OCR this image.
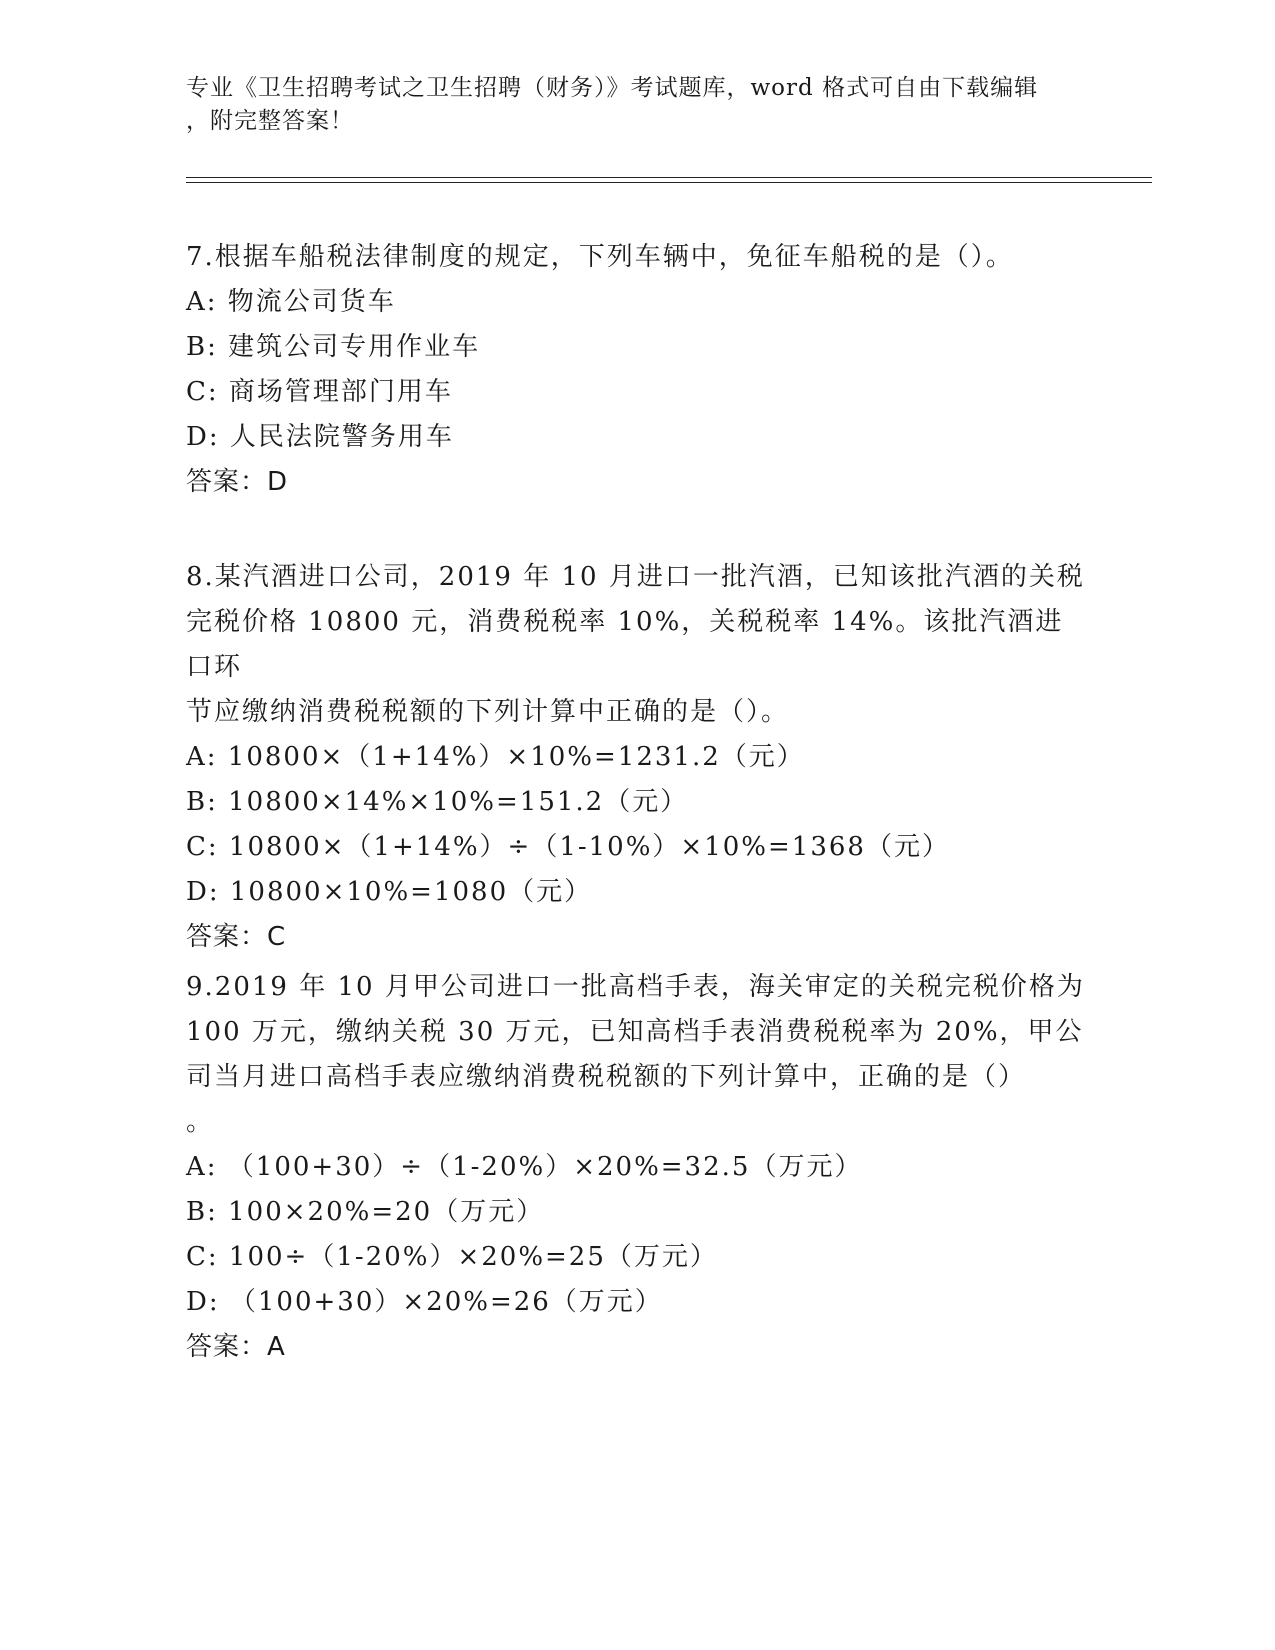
专业《卫生招聘考试之卫生招聘（财务）》考试题库，word 格式可自由下载编辑
，附完整答案！
7.根据车船税法律制度的规定，下列车辆中，免征车船税的是（）。
A: 物流公司货车
B: 建筑公司专用作业车
C: 商场管理部门用车
D: 人民法院警务用车
答案：D
8.某汽酒进口公司，2019 年 10 月进口一批汽酒，已知该批汽酒的关税
完税价格 10800 元，消费税税率 10%，关税税率 14%。该批汽酒进口环
节应缴纳消费税税额的下列计算中正确的是（）。
A: 10800×（1+14%）×10%=1231.2（元）
B: 10800×14%×10%=151.2（元）
C: 10800×（1+14%）÷（1-10%）×10%=1368（元）
D: 10800×10%=1080（元）
答案：C
9.2019 年 10 月甲公司进口一批高档手表，海关审定的关税完税价格为
100 万元，缴纳关税 30 万元，已知高档手表消费税税率为 20%，甲公
司当月进口高档手表应缴纳消费税税额的下列计算中，正确的是（）
。
A: （100+30）÷（1-20%）×20%=32.5（万元）
B: 100×20%=20（万元）
C: 100÷（1-20%）×20%=25（万元）
D: （100+30）×20%=26（万元）
答案：A
